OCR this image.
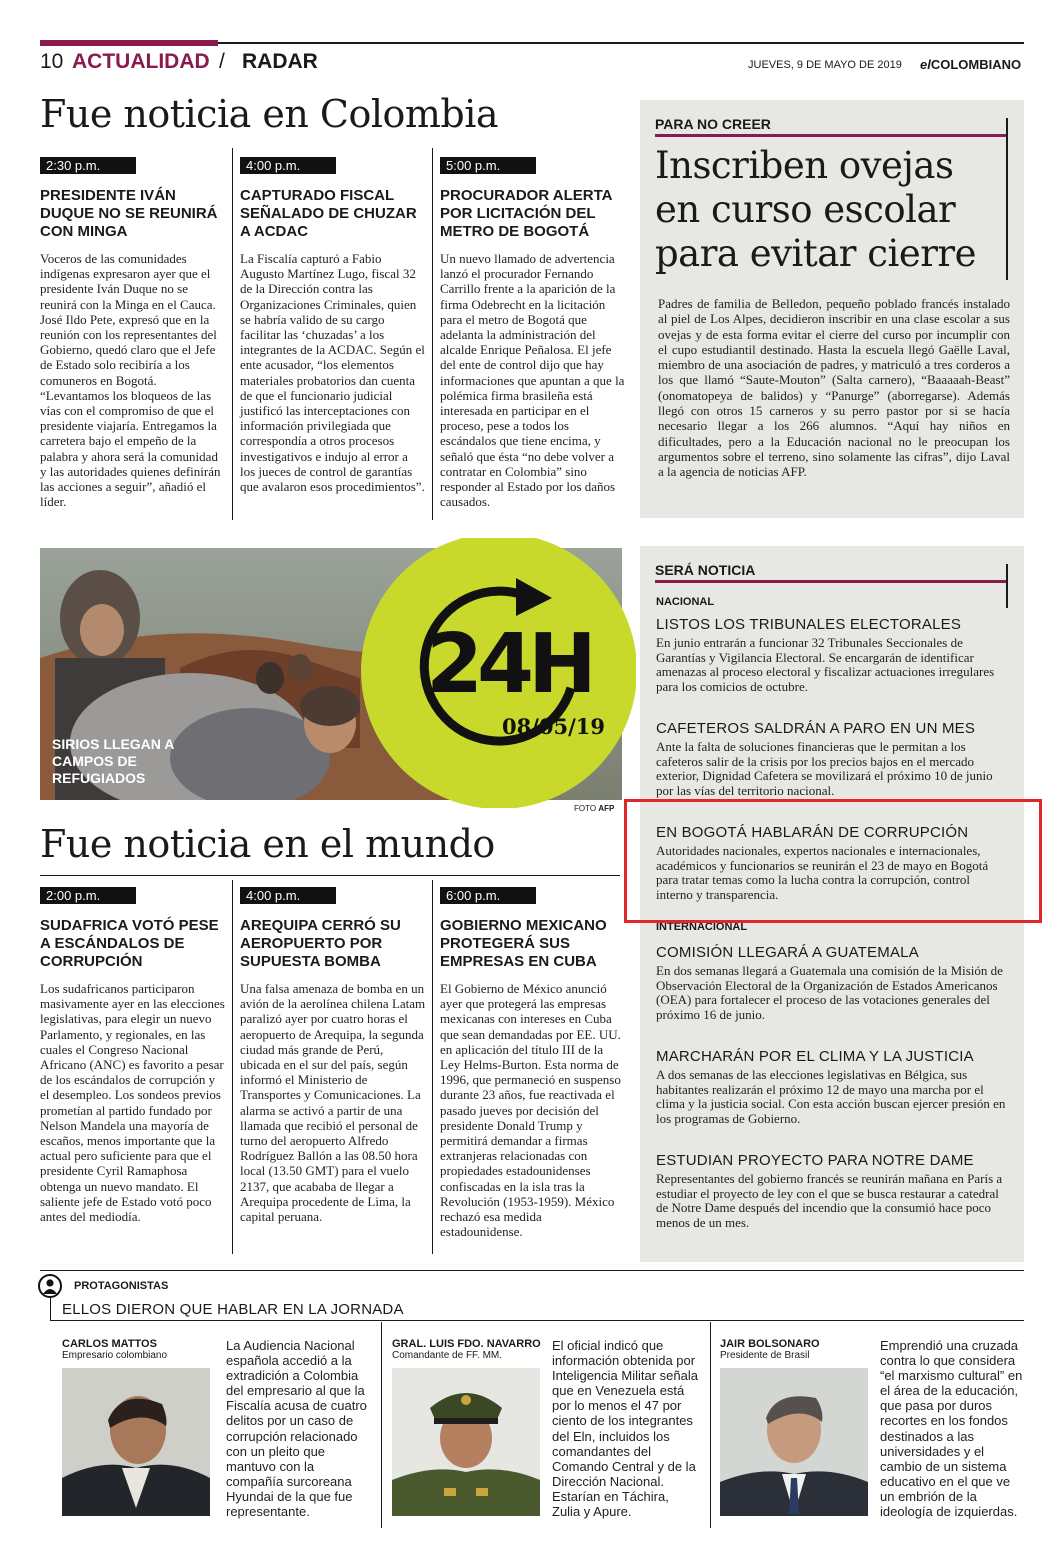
10 ACTUALIDAD / RADAR	JUEVES, 9 DE MAYO DE 2019 elCOLOMBIANO
Fue noticia en Colombia
2:30 p.m.
PRESIDENTE IVÁN DUQUE NO SE REUNIRÁ CON MINGA
Voceros de las comunidades indígenas expresaron ayer que el presidente Iván Duque no se reunirá con la Minga en el Cauca. José Ildo Pete, expresó que en la reunión con los representantes del Gobierno, quedó claro que el Jefe de Estado solo recibiría a los comuneros en Bogotá. “Levantamos los bloqueos de las vías con el compromiso de que el presidente viajaría. Entregamos la carretera bajo el empeño de la palabra y ahora será la comunidad y las autoridades quienes definirán las acciones a seguir”, añadió el líder.
4:00 p.m.
CAPTURADO FISCAL SEÑALADO DE CHUZAR A ACDAC
La Fiscalía capturó a Fabio Augusto Martínez Lugo, fiscal 32 de la Dirección contra las Organizaciones Criminales, quien se habría valido de su cargo facilitar las ‘chuzadas’ a los integrantes de la ACDAC. Según el ente acusador, “los elementos materiales probatorios dan cuenta de que el funcionario judicial justificó las interceptaciones con información privilegiada que correspondía a otros procesos investigativos e indujo al error a los jueces de control de garantías que avalaron esos procedimientos”.
5:00 p.m.
PROCURADOR ALERTA POR LICITACIÓN DEL METRO DE BOGOTÁ
Un nuevo llamado de advertencia lanzó el procurador Fernando Carrillo frente a la aparición de la firma Odebrecht en la licitación para el metro de Bogotá que adelanta la administración del alcalde Enrique Peñalosa. El jefe del ente de control dijo que hay informaciones que apuntan a que la polémica firma brasileña está interesada en participar en el proceso, pese a todos los escándalos que tiene encima, y señaló que ésta “no debe volver a contratar en Colombia” sino responder al Estado por los daños causados.
PARA NO CREER
Inscriben ovejas en curso escolar para evitar cierre
Padres de familia de Belledon, pequeño poblado francés instalado al piel de Los Alpes, decidieron inscribir en una clase escolar a sus ovejas y de esta forma evitar el cierre del curso por incumplir con el cupo estudiantil destinado. Hasta la escuela llegó Gaëlle Laval, miembro de una asociación de padres, y matriculó a tres corderos a los que llamó “Saute-Mouton” (Salta carnero), “Baaaaah-Beast” (onomatopeya de balidos) y “Panurge” (aborregarse). Además llegó con otros 15 carneros y su perro pastor por si se hacía necesario llegar a los 266 alumnos. “Aquí hay niños en dificultades, pero a la Educación nacional no le preocupan los argumentos sobre el terreno, sino solamente las cifras”, dijo Laval a la agencia de noticias AFP.
SIRIOS LLEGAN A CAMPOS DE REFUGIADOS
24H
08/05/19
FOTO AFP
SERÁ NOTICIA
NACIONAL
LISTOS LOS TRIBUNALES ELECTORALES
En junio entrarán a funcionar 32 Tribunales Seccionales de Garantías y Vigilancia Electoral. Se encargarán de identificar amenazas al proceso electoral y fiscalizar actuaciones irregulares para los comicios de octubre.
CAFETEROS SALDRÁN A PARO EN UN MES
Ante la falta de soluciones financieras que le permitan a los cafeteros salir de la crisis por los precios bajos en el mercado exterior, Dignidad Cafetera se movilizará el próximo 10 de junio por las vías del territorio nacional.
EN BOGOTÁ HABLARÁN DE CORRUPCIÓN
Autoridades nacionales, expertos nacionales e internacionales, académicos y funcionarios se reunirán el 23 de mayo en Bogotá para tratar temas como la lucha contra la corrupción, control interno y transparencia.
INTERNACIONAL
COMISIÓN LLEGARÁ A GUATEMALA
En dos semanas llegará a Guatemala una comisión de la Misión de Observación Electoral de la Organización de Estados Americanos (OEA) para fortalecer el proceso de las votaciones generales del próximo 16 de junio.
MARCHARÁN POR EL CLIMA Y LA JUSTICIA
A dos semanas de las elecciones legislativas en Bélgica, sus habitantes realizarán el próximo 12 de mayo una marcha por el clima y la justicia social. Con esta acción buscan ejercer presión en los programas de Gobierno.
ESTUDIAN PROYECTO PARA NOTRE DAME
Representantes del gobierno francés se reunirán mañana en París a estudiar el proyecto de ley con el que se busca restaurar a catedral de Notre Dame después del incendio que la consumió hace poco menos de un mes.
Fue noticia en el mundo
2:00 p.m.
SUDAFRICA VOTÓ PESE A ESCÁNDALOS DE CORRUPCIÓN
Los sudafricanos participaron masivamente ayer en las elecciones legislativas, para elegir un nuevo Parlamento, y regionales, en las cuales el Congreso Nacional Africano (ANC) es favorito a pesar de los escándalos de corrupción y el desempleo. Los sondeos previos prometían al partido fundado por Nelson Mandela una mayoría de escaños, menos importante que la actual pero suficiente para que el presidente Cyril Ramaphosa obtenga un nuevo mandato. El saliente jefe de Estado votó poco antes del mediodía.
4:00 p.m.
AREQUIPA CERRÓ SU AEROPUERTO POR SUPUESTA BOMBA
Una falsa amenaza de bomba en un avión de la aerolínea chilena Latam paralizó ayer por cuatro horas el aeropuerto de Arequipa, la segunda ciudad más grande de Perú, ubicada en el sur del país, según informó el Ministerio de Transportes y Comunicaciones. La alarma se activó a partir de una llamada que recibió el personal de turno del aeropuerto Alfredo Rodríguez Ballón a las 08.50 hora local (13.50 GMT) para el vuelo 2137, que acababa de llegar a Arequipa procedente de Lima, la capital peruana.
6:00 p.m.
GOBIERNO MEXICANO PROTEGERÁ SUS EMPRESAS EN CUBA
El Gobierno de México anunció ayer que protegerá las empresas mexicanas con intereses en Cuba que sean demandadas por EE. UU. en aplicación del título III de la Ley Helms-Burton. Esta norma de 1996, que permaneció en suspenso durante 23 años, fue reactivada el pasado jueves por decisión del presidente Donald Trump y permitirá demandar a firmas extranjeras relacionadas con propiedades estadounidenses confiscadas en la isla tras la Revolución (1953-1959). México rechazó esa medida estadounidense.
PROTAGONISTAS
ELLOS DIERON QUE HABLAR EN LA JORNADA
CARLOS MATTOS
Empresario colombiano
La Audiencia Nacional española accedió a la extradición a Colombia del empresario al que la Fiscalía acusa de cuatro delitos por un caso de corrupción relacionado con un pleito que mantuvo con la compañía surcoreana Hyundai de la que fue representante.
GRAL. LUIS FDO. NAVARRO
Comandante de FF. MM.
El oficial indicó que información obtenida por Inteligencia Militar señala que en Venezuela está por lo menos el 47 por ciento de los integrantes del Eln, incluidos los comandantes del Comando Central y de la Dirección Nacional. Estarían en Táchira, Zulia y Apure.
JAIR BOLSONARO
Presidente de Brasil
Emprendió una cruzada contra lo que considera “el marxismo cultural” en el área de la educación, que pasa por duros recortes en los fondos destinados a las universidades y el cambio de un sistema educativo en el que ve un embrión de la ideología de izquierdas.
